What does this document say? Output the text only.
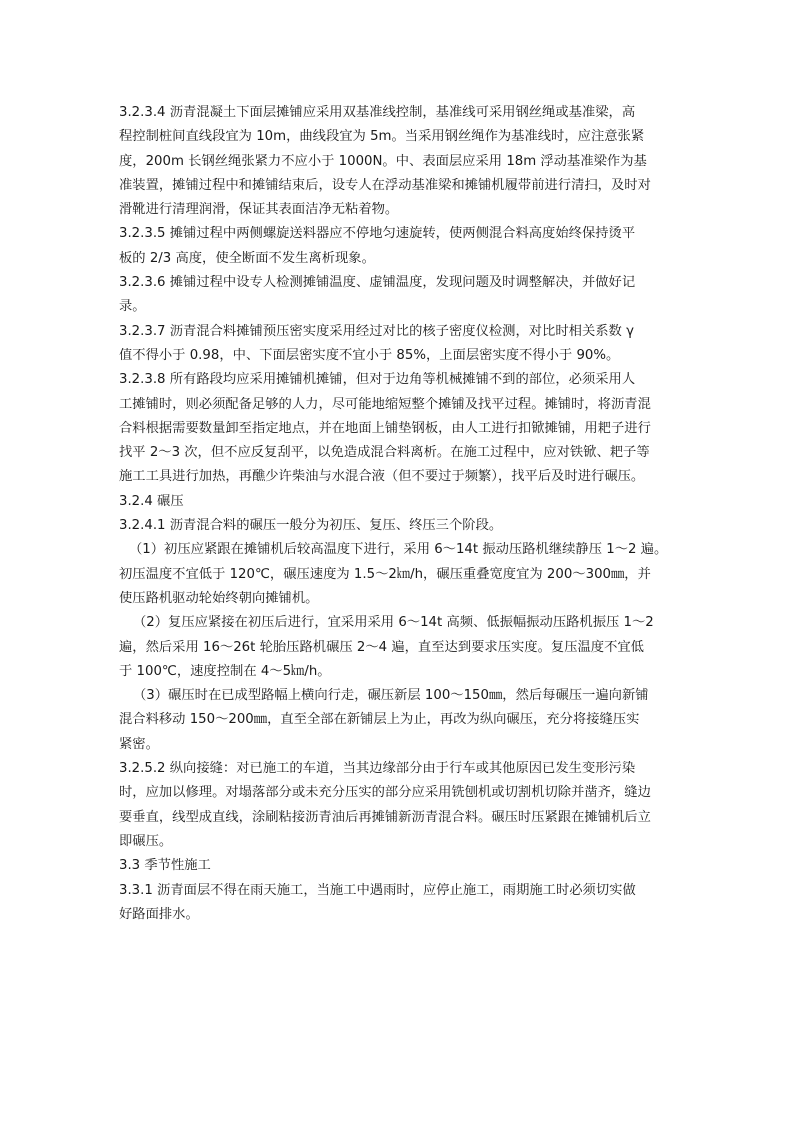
3.2.3.4 沥青混凝土下面层摊铺应采用双基准线控制，基准线可采用钢丝绳或基准梁，高
程控制桩间直线段宜为 10m，曲线段宜为 5m。当采用钢丝绳作为基准线时，应注意张紧
度，200m 长钢丝绳张紧力不应小于 1000N。中、表面层应采用 18m 浮动基准梁作为基
准装置，摊铺过程中和摊铺结束后，设专人在浮动基准梁和摊铺机履带前进行清扫，及时对
滑靴进行清理润滑，保证其表面洁净无粘着物。

3.2.3.5 摊铺过程中两侧螺旋送料器应不停地匀速旋转，使两侧混合料高度始终保持烫平
板的 2/3 高度，使全断面不发生离析现象。

3.2.3.6 摊铺过程中设专人检测摊铺温度、虚铺温度，发现问题及时调整解决，并做好记
录。

3.2.3.7 沥青混合料摊铺预压密实度采用经过对比的核子密度仪检测，对比时相关系数 γ
值不得小于 0.98，中、下面层密实度不宜小于 85%，上面层密实度不得小于 90%。

3.2.3.8 所有路段均应采用摊铺机摊铺，但对于边角等机械摊铺不到的部位，必须采用人
工摊铺时，则必须配备足够的人力，尽可能地缩短整个摊铺及找平过程。摊铺时，将沥青混
合料根据需要数量卸至指定地点，并在地面上铺垫钢板，由人工进行扣锨摊铺，用耙子进行
找平 2～3 次，但不应反复刮平，以免造成混合料离析。在施工过程中，应对铁锨、耙子等
施工工具进行加热，再醮少许柴油与水混合液（但不要过于频繁），找平后及时进行碾压。

3.2.4 碾压

3.2.4.1 沥青混合料的碾压一般分为初压、复压、终压三个阶段。

（1）初压应紧跟在摊铺机后较高温度下进行，采用 6～14t 振动压路机继续静压 1～2 遍。
初压温度不宜低于 120℃，碾压速度为 1.5～2㎞/h，碾压重叠宽度宜为 200～300㎜，并
使压路机驱动轮始终朝向摊铺机。

（2）复压应紧接在初压后进行，宜采用采用 6～14t 高频、低振幅振动压路机振压 1～2
遍，然后采用 16～26t 轮胎压路机碾压 2～4 遍，直至达到要求压实度。复压温度不宜低
于 100℃，速度控制在 4～5㎞/h。

（3）碾压时在已成型路幅上横向行走，碾压新层 100～150㎜，然后每碾压一遍向新铺
混合料移动 150～200㎜，直至全部在新铺层上为止，再改为纵向碾压，充分将接缝压实
紧密。

3.2.5.2 纵向接缝：对已施工的车道，当其边缘部分由于行车或其他原因已发生变形污染
时，应加以修理。对塌落部分或未充分压实的部分应采用铣刨机或切割机切除并凿齐，缝边
要垂直，线型成直线，涂刷粘接沥青油后再摊铺新沥青混合料。碾压时压紧跟在摊铺机后立
即碾压。

3.3 季节性施工

3.3.1 沥青面层不得在雨天施工，当施工中遇雨时，应停止施工，雨期施工时必须切实做
好路面排水。
